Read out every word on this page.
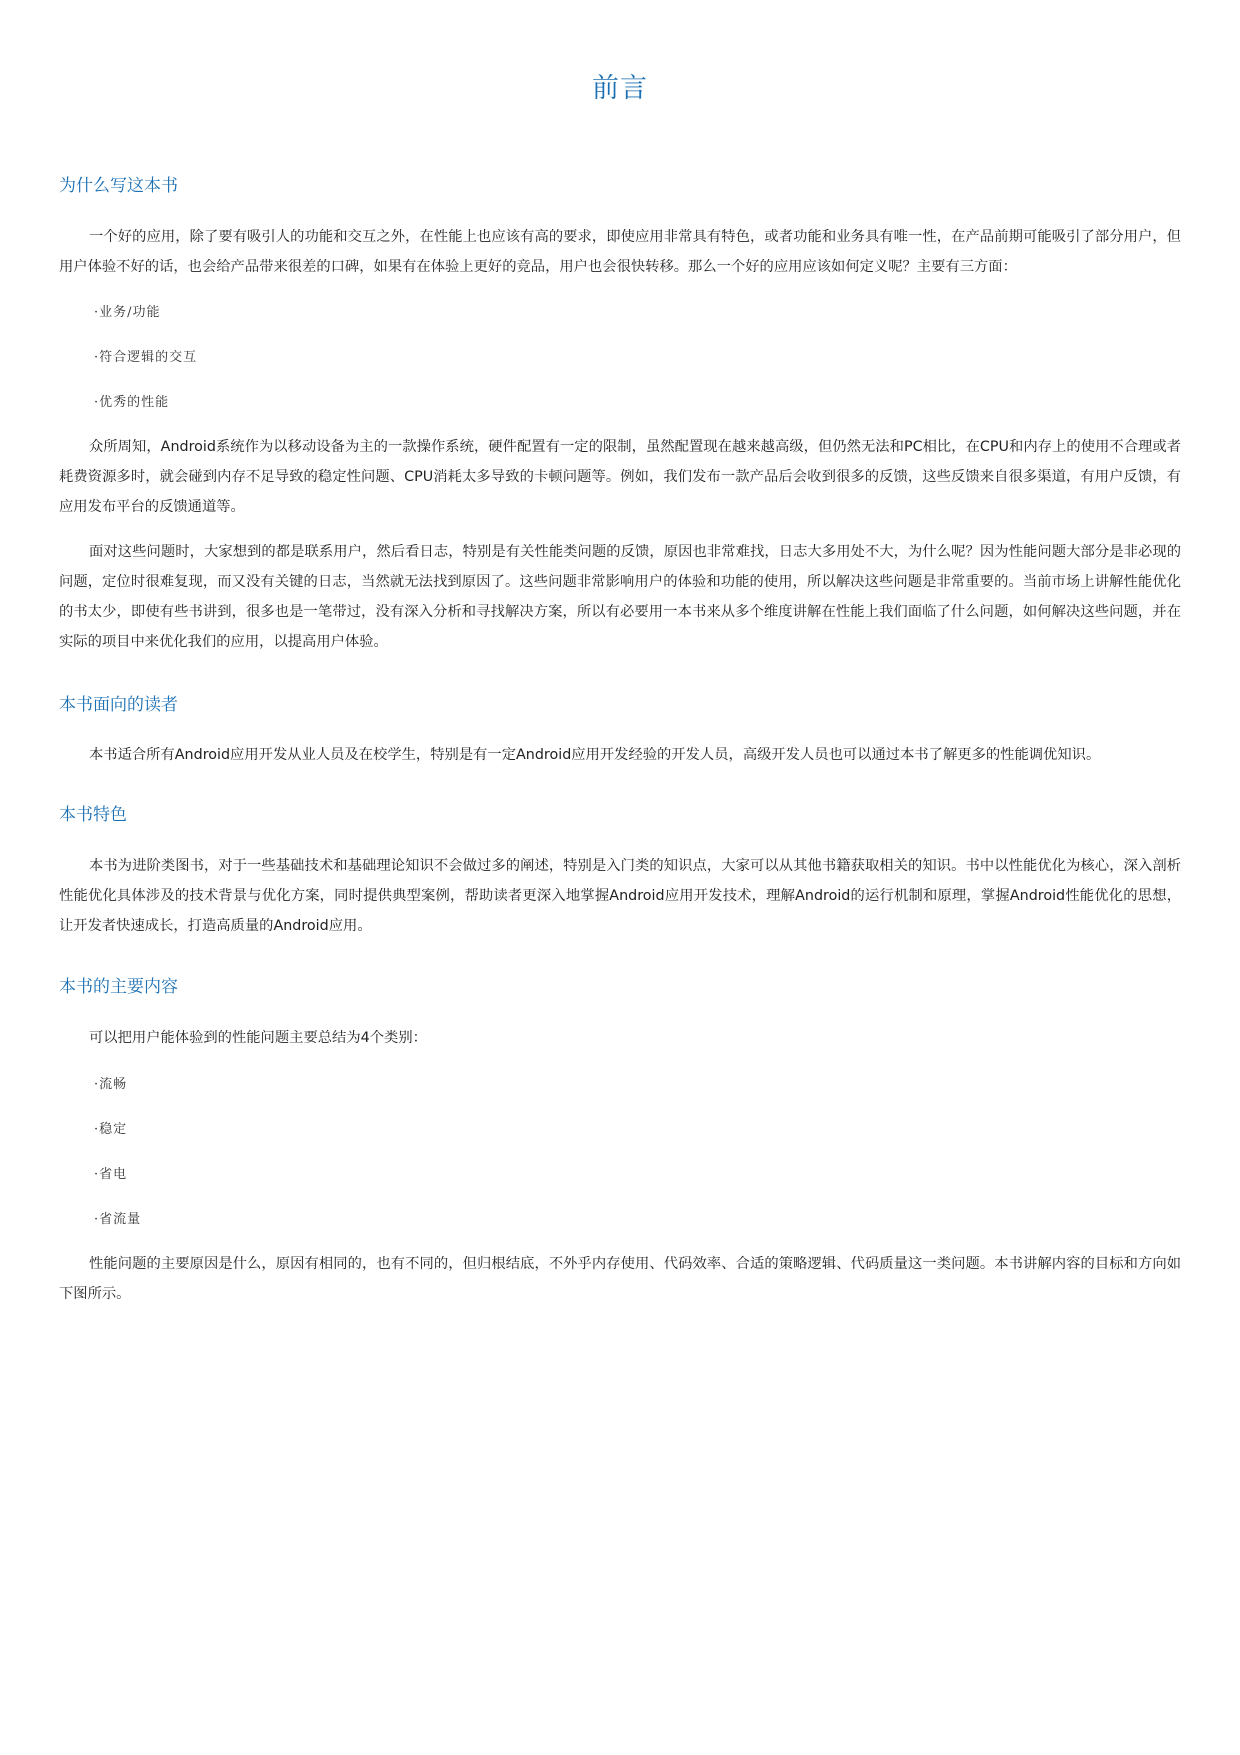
前言
为什么写这本书

一个好的应用，除了要有吸引人的功能和交互之外，在性能上也应该有高的要求，即使应用非常具有特色，或者功能和业务具有唯一性，在产品前期可能吸引了部分用户，但用户体验不好的话，也会给产品带来很差的口碑，如果有在体验上更好的竞品，用户也会很快转移。那么一个好的应用应该如何定义呢？主要有三方面：

·业务/功能
·符合逻辑的交互
·优秀的性能

众所周知，Android系统作为以移动设备为主的一款操作系统，硬件配置有一定的限制，虽然配置现在越来越高级，但仍然无法和PC相比，在CPU和内存上的使用不合理或者耗费资源多时，就会碰到内存不足导致的稳定性问题、CPU消耗太多导致的卡顿问题等。例如，我们发布一款产品后会收到很多的反馈，这些反馈来自很多渠道，有用户反馈，有应用发布平台的反馈通道等。

面对这些问题时，大家想到的都是联系用户，然后看日志，特别是有关性能类问题的反馈，原因也非常难找，日志大多用处不大，为什么呢？因为性能问题大部分是非必现的问题，定位时很难复现，而又没有关键的日志，当然就无法找到原因了。这些问题非常影响用户的体验和功能的使用，所以解决这些问题是非常重要的。当前市场上讲解性能优化的书太少，即使有些书讲到，很多也是一笔带过，没有深入分析和寻找解决方案，所以有必要用一本书来从多个维度讲解在性能上我们面临了什么问题，如何解决这些问题，并在实际的项目中来优化我们的应用，以提高用户体验。

本书面向的读者

本书适合所有Android应用开发从业人员及在校学生，特别是有一定Android应用开发经验的开发人员，高级开发人员也可以通过本书了解更多的性能调优知识。

本书特色

本书为进阶类图书，对于一些基础技术和基础理论知识不会做过多的阐述，特别是入门类的知识点，大家可以从其他书籍获取相关的知识。书中以性能优化为核心，深入剖析性能优化具体涉及的技术背景与优化方案，同时提供典型案例，帮助读者更深入地掌握Android应用开发技术，理解Android的运行机制和原理，掌握Android性能优化的思想，让开发者快速成长，打造高质量的Android应用。

本书的主要内容

可以把用户能体验到的性能问题主要总结为4个类别：

·流畅
·稳定
·省电
·省流量

性能问题的主要原因是什么，原因有相同的，也有不同的，但归根结底，不外乎内存使用、代码效率、合适的策略逻辑、代码质量这一类问题。本书讲解内容的目标和方向如下图所示。
